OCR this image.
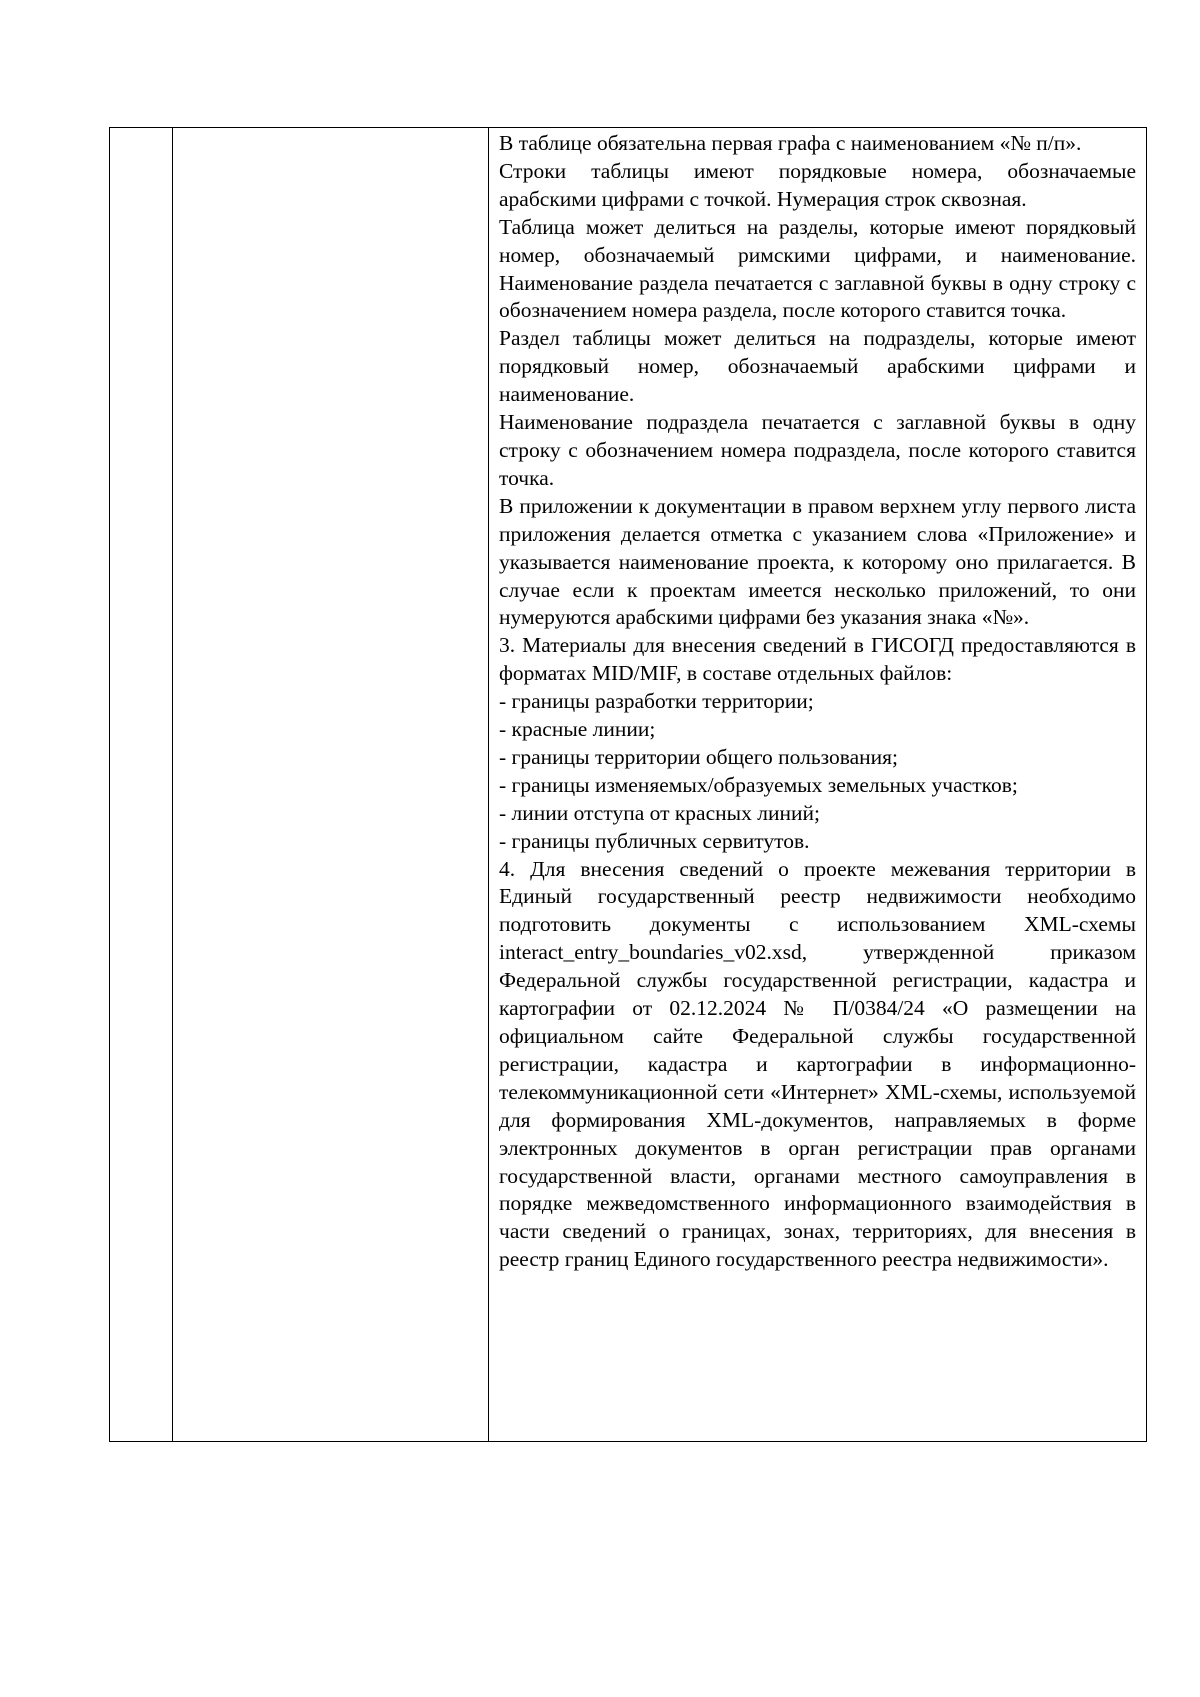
В таблице обязательна первая графа с наименованием «№ п/п».

Строки таблицы имеют порядковые номера, обозначаемые арабскими цифрами с точкой. Нумерация строк сквозная.

Таблица может делиться на разделы, которые имеют порядковый номер, обозначаемый римскими цифрами, и наименование. Наименование раздела печатается с заглавной буквы в одну строку с обозначением номера раздела, после которого ставится точка.

Раздел таблицы может делиться на подразделы, которые имеют порядковый номер, обозначаемый арабскими цифрами и наименование.

Наименование подраздела печатается с заглавной буквы в одну строку с обозначением номера подраздела, после которого ставится точка.

В приложении к документации в правом верхнем углу первого листа приложения делается отметка с указанием слова «Приложение» и указывается наименование проекта, к которому оно прилагается. В случае если к проектам имеется несколько приложений, то они нумеруются арабскими цифрами без указания знака «№».

3. Материалы для внесения сведений в ГИСОГД предоставляются в форматах MID/MIF, в составе отдельных файлов:

- границы разработки территории;

- красные линии;

- границы территории общего пользования;

- границы изменяемых/образуемых земельных участков;

- линии отступа от красных линий;

- границы публичных сервитутов.

4. Для внесения сведений о проекте межевания территории в Единый государственный реестр недвижимости необходимо подготовить документы с использованием XML-схемы interact_entry_boundaries_v02.xsd, утвержденной приказом Федеральной службы государственной регистрации, кадастра и картографии от 02.12.2024 № П/0384/24 «О размещении на официальном сайте Федеральной службы государственной регистрации, кадастра и картографии в информационно-телекоммуникационной сети «Интернет» XML-схемы, используемой для формирования XML-документов, направляемых в форме электронных документов в орган регистрации прав органами государственной власти, органами местного самоуправления в порядке межведомственного информационного взаимодействия в части сведений о границах, зонах, территориях, для внесения в реестр границ Единого государственного реестра недвижимости».
